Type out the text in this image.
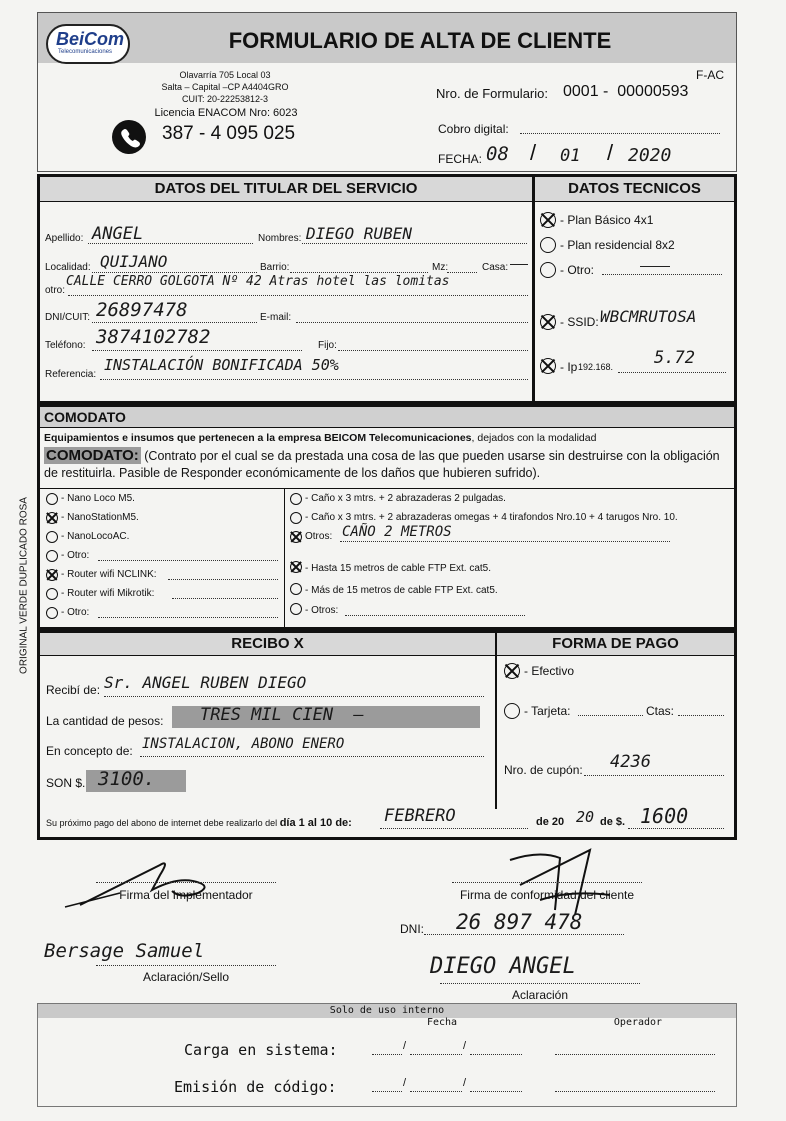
BeiCom
Telecomunicaciones	FORMULARIO DE ALTA DE CLIENTE
Olavarría 705 Local 03
Salta – Capital –CP A4404GRO
CUIT: 20-22253812-3
Licencia ENACOM Nro: 6023
387 - 4 095 025
F-AC
Nro. de Formulario: 0001 -  00000593
Cobro digital:
FECHA: 08 / 01 / 2020
DATOS DEL TITULAR DEL SERVICIO
Apellido: ANGEL	Nombres: DIEGO RUBEN
Localidad: QUIJANO	Barrio:	Mz:	Casa:
otro:
CALLE CERRO GOLGOTA Nº 42 Atras hotel las lomitas
DNI/CUIT: 26897478	E-mail:
Teléfono: 3874102782	Fijo:
Referencia:
INSTALACIÓN BONIFICADA 50%
DATOS TECNICOS
- Plan Básico 4x1
- Plan residencial 8x2
- Otro:
- SSID: WBCMRUTOSA
- Ip 192.168. 5.72
COMODATO
Equipamientos e insumos que pertenecen a la empresa BEICOM Telecomunicaciones, dejados con la modalidad
COMODATO: (Contrato por el cual se da prestada una cosa de las que pueden usarse sin destruirse con la obligación de restituirla. Pasible de Responder económicamente de los daños que hubieren sufrido).
- Nano Loco M5.
- NanoStationM5.
- NanoLocoAC.
- Otro:
- Router wifi NCLINK:
- Router wifi Mikrotik:
- Otro:
- Caño x 3 mtrs. + 2 abrazaderas 2 pulgadas.
- Caño x 3 mtrs. + 2 abrazaderas omegas + 4 tirafondos Nro.10 + 4 tarugos Nro. 10.
Otros: CAÑO 2 METROS
- Hasta 15 metros de cable FTP Ext. cat5.
- Más de 15 metros de cable FTP Ext. cat5.
- Otros:
RECIBO X
Recibí de: Sr. ANGEL RUBEN DIEGO
La cantidad de pesos: TRES MIL CIEN  —
En concepto de: INSTALACION, ABONO ENERO
SON $. 3100.
Su próximo pago del abono de internet debe realizarlo del día 1 al 10 de: FEBRERO	de 20 20 de $. 1600
FORMA DE PAGO
- Efectivo
- Tarjeta:	Ctas:
Nro. de cupón: 4236
Firma del Implementador	Firma de conformidad del cliente
DNI: 26 897 478
Bersage Samuel
Aclaración/Sello	DIEGO ANGEL
Aclaración
Solo de uso interno
Fecha	Operador
Carga en sistema:	/	/
Emisión de código:	/	/
ORIGINAL VERDE DUPLICADO ROSA
